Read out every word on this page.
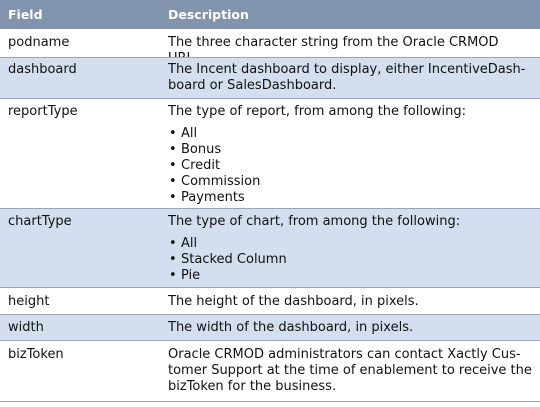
Field	Description
podname	The three character string from the Oracle CRMOD
dashboard	The Incent dashboard to display, either IncentiveDash-
board or SalesDashboard.
reportType	The type of report, from among the following:
• All
• Bonus
• Credit
• Commission
• Payments
chartType	The type of chart, from among the following:
• All
• Stacked Column
• Pie
height	The height of the dashboard, in pixels.
width	The width of the dashboard, in pixels.
bizToken	Oracle CRMOD administrators can contact Xactly Cus-
tomer Support at the time of enablement to receive the
bizToken for the business.
